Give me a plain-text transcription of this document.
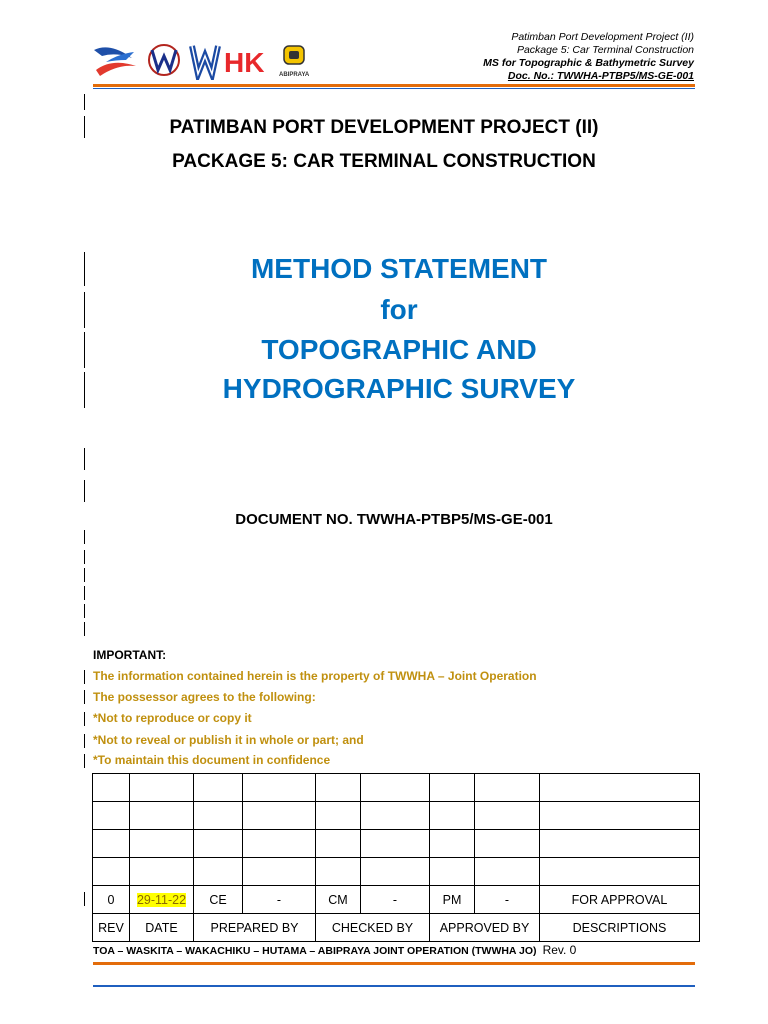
HK ABIPRAYA
Patimban Port Development Project (II)
Package 5: Car Terminal Construction
MS for Topographic & Bathymetric Survey
Doc. No.: TWWHA-PTBP5/MS-GE-001
PATIMBAN PORT DEVELOPMENT PROJECT (II)
PACKAGE 5: CAR TERMINAL CONSTRUCTION
METHOD STATEMENT
for
TOPOGRAPHIC AND
HYDROGRAPHIC SURVEY
DOCUMENT NO. TWWHA-PTBP5/MS-GE-001
IMPORTANT:
The information contained herein is the property of TWWHA – Joint Operation
The possessor agrees to the following:
*Not to reproduce or copy it
*Not to reveal or publish it in whole or part; and
*To maintain this document in confidence

0	29-11-22	CE	-	CM	-	PM	-	FOR APPROVAL
REV	DATE	PREPARED BY		CHECKED BY		APPROVED BY		DESCRIPTIONS
TOA – WASKITA – WAKACHIKU – HUTAMA – ABIPRAYA JOINT OPERATION (TWWHA JO) Rev. 0
